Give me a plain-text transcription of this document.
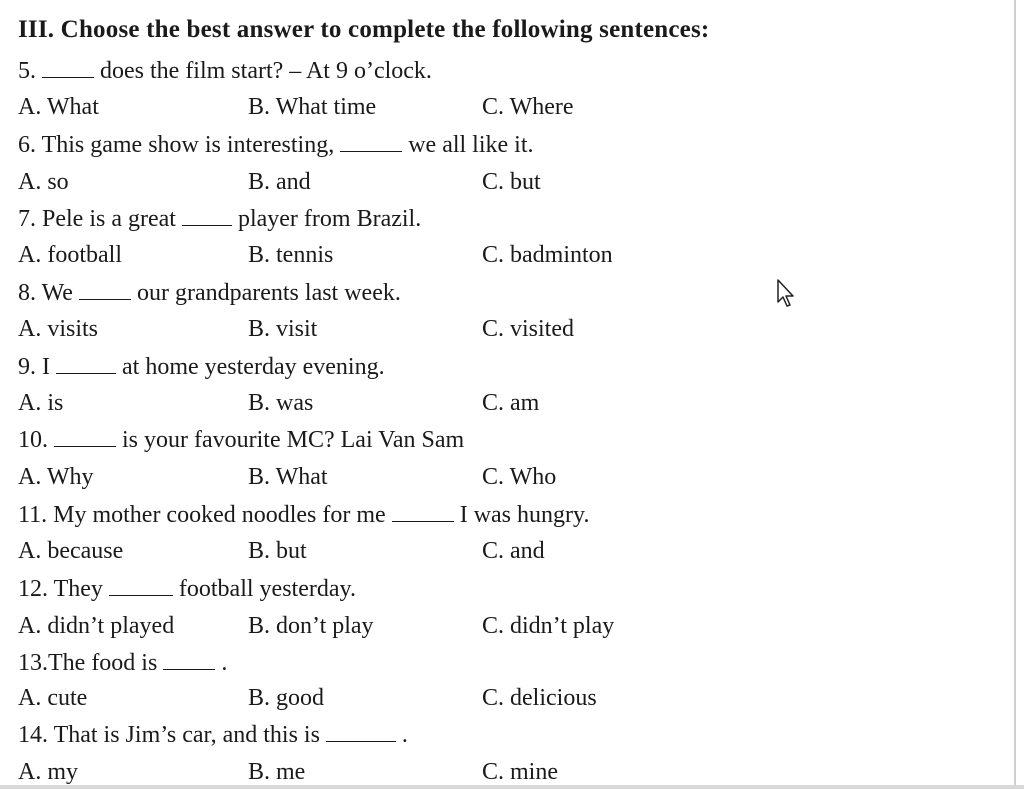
III. Choose the best answer to complete the following sentences:
5.	does the film start? – At 9 o’clock.
A. What	B. What time	C. Where
6. This game show is interesting,	we all like it.
A. so	B. and	C. but
7. Pele is a great	player from Brazil.
A. football	B. tennis	C. badminton
8. We	our grandparents last week.
A. visits	B. visit	C. visited
9. I	at home yesterday evening.
A. is	B. was	C. am
10.	is your favourite MC? Lai Van Sam
A. Why	B. What	C. Who
11. My mother cooked noodles for me	I was hungry.
A. because	B. but	C. and
12. They	football yesterday.
A. didn’t played	B. don’t play	C. didn’t play
13.The food is	.
A. cute	B. good	C. delicious
14. That is Jim’s car, and this is	.
A. my	B. me	C. mine
